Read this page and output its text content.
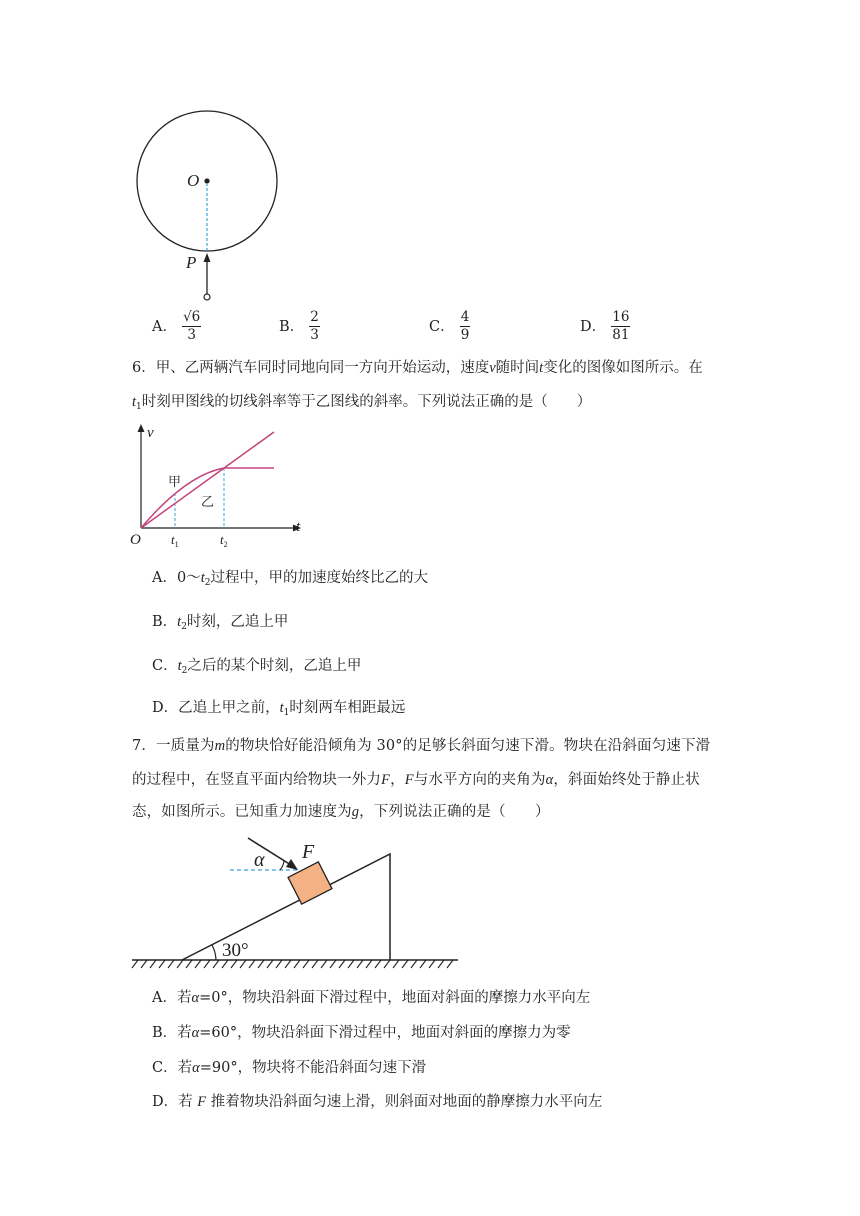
O
P
A． $\frac{√6}{3}$	B． $\frac{2}{3}$	C． $\frac{4}{9}$	D． $\frac{16}{81}$
6．甲、乙两辆汽车同时同地向同一方向开始运动，速度v随时间t变化的图像如图所示。在
$t_1$时刻甲图线的切线斜率等于乙图线的斜率。下列说法正确的是（　　）
v
t
O
甲
乙
$t_1$	$t_2$
A．$0\sim t_2$过程中，甲的加速度始终比乙的大
B．$t_2$时刻，乙追上甲
C．$t_2$之后的某个时刻，乙追上甲
D．乙追上甲之前，$t_1$时刻两车相距最远
7．一质量为m的物块恰好能沿倾角为 30°的足够长斜面匀速下滑。物块在沿斜面匀速下滑
的过程中，在竖直平面内给物块一外力F，F与水平方向的夹角为α，斜面始终处于静止状
态，如图所示。已知重力加速度为g，下列说法正确的是（　　）
α F
30°
A．若α=0°，物块沿斜面下滑过程中，地面对斜面的摩擦力水平向左
B．若α=60°，物块沿斜面下滑过程中，地面对斜面的摩擦力为零
C．若α=90°，物块将不能沿斜面匀速下滑
D．若 F 推着物块沿斜面匀速上滑，则斜面对地面的静摩擦力水平向左
